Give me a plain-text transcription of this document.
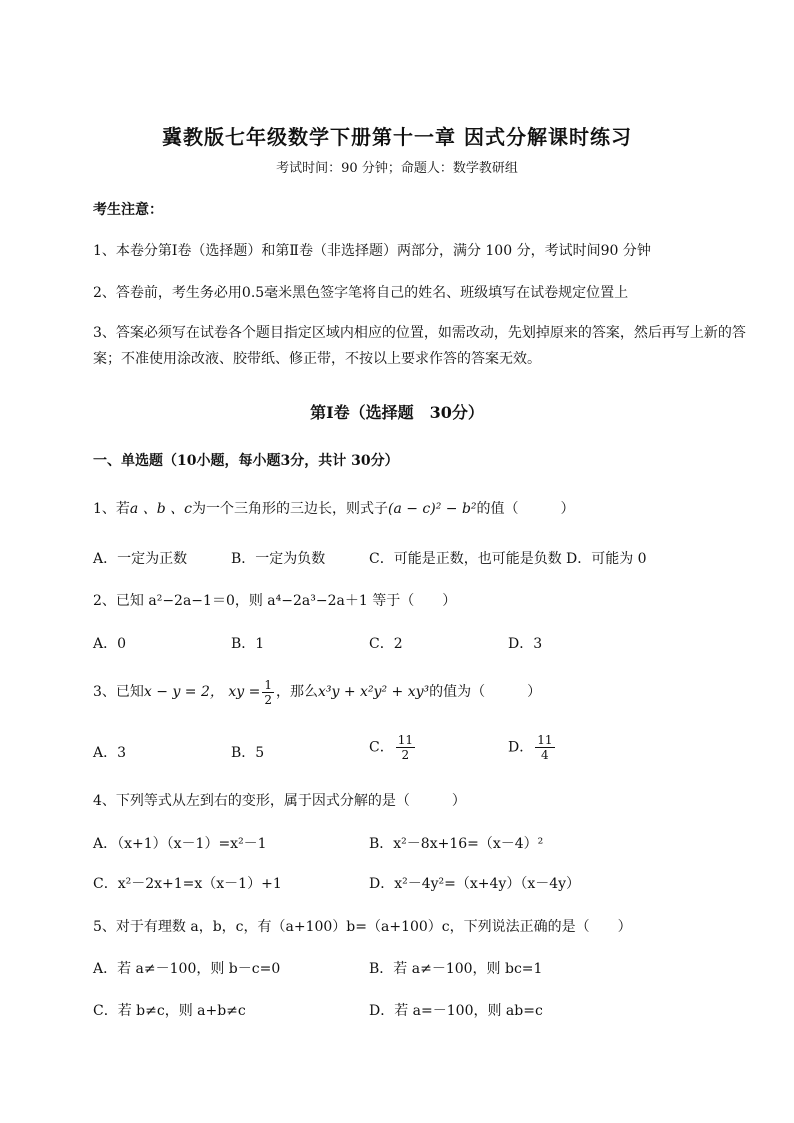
冀教版七年级数学下册第十一章 因式分解课时练习
考试时间：90 分钟；命题人：数学教研组
考生注意：
1、本卷分第Ⅰ卷（选择题）和第Ⅱ卷（非选择题）两部分，满分 100 分，考试时间90 分钟
2、答卷前，考生务必用0.5毫米黑色签字笔将自己的姓名、班级填写在试卷规定位置上
3、答案必须写在试卷各个题目指定区域内相应的位置，如需改动，先划掉原来的答案，然后再写上新的答案；不准使用涂改液、胶带纸、修正带，不按以上要求作答的答案无效。
第Ⅰ卷（选择题　30分）
一、单选题（10小题，每小题3分，共计 30分）
1、若a 、b 、c为一个三角形的三边长，则式子(a − c)² − b²的值（　　　）
A．一定为正数	B．一定为负数	C．可能是正数，也可能是负数 D．可能为 0
2、已知 a²−2a−1＝0，则 a⁴−2a³−2a＋1 等于（　　）
A．0	B．1	C．2	D．3
3、已知x − y = 2， xy = $\frac{1}{2}$ ，那么x³y + x²y² + xy³的值为（　　　）
A．3	B．5	C． $\frac{11}{2}$	D． $\frac{11}{4}$
4、下列等式从左到右的变形，属于因式分解的是（　　　）
A．（x+1）（x－1）=x²－1	B．x²－8x+16=（x－4）²
C．x²－2x+1=x（x－1）+1	D．x²－4y²=（x+4y）（x－4y）
5、对于有理数 a，b，c，有（a+100）b=（a+100）c，下列说法正确的是（　　）
A．若 a≠－100，则 b－c=0	B．若 a≠－100，则 bc=1
C．若 b≠c，则 a+b≠c	D．若 a=－100，则 ab=c
